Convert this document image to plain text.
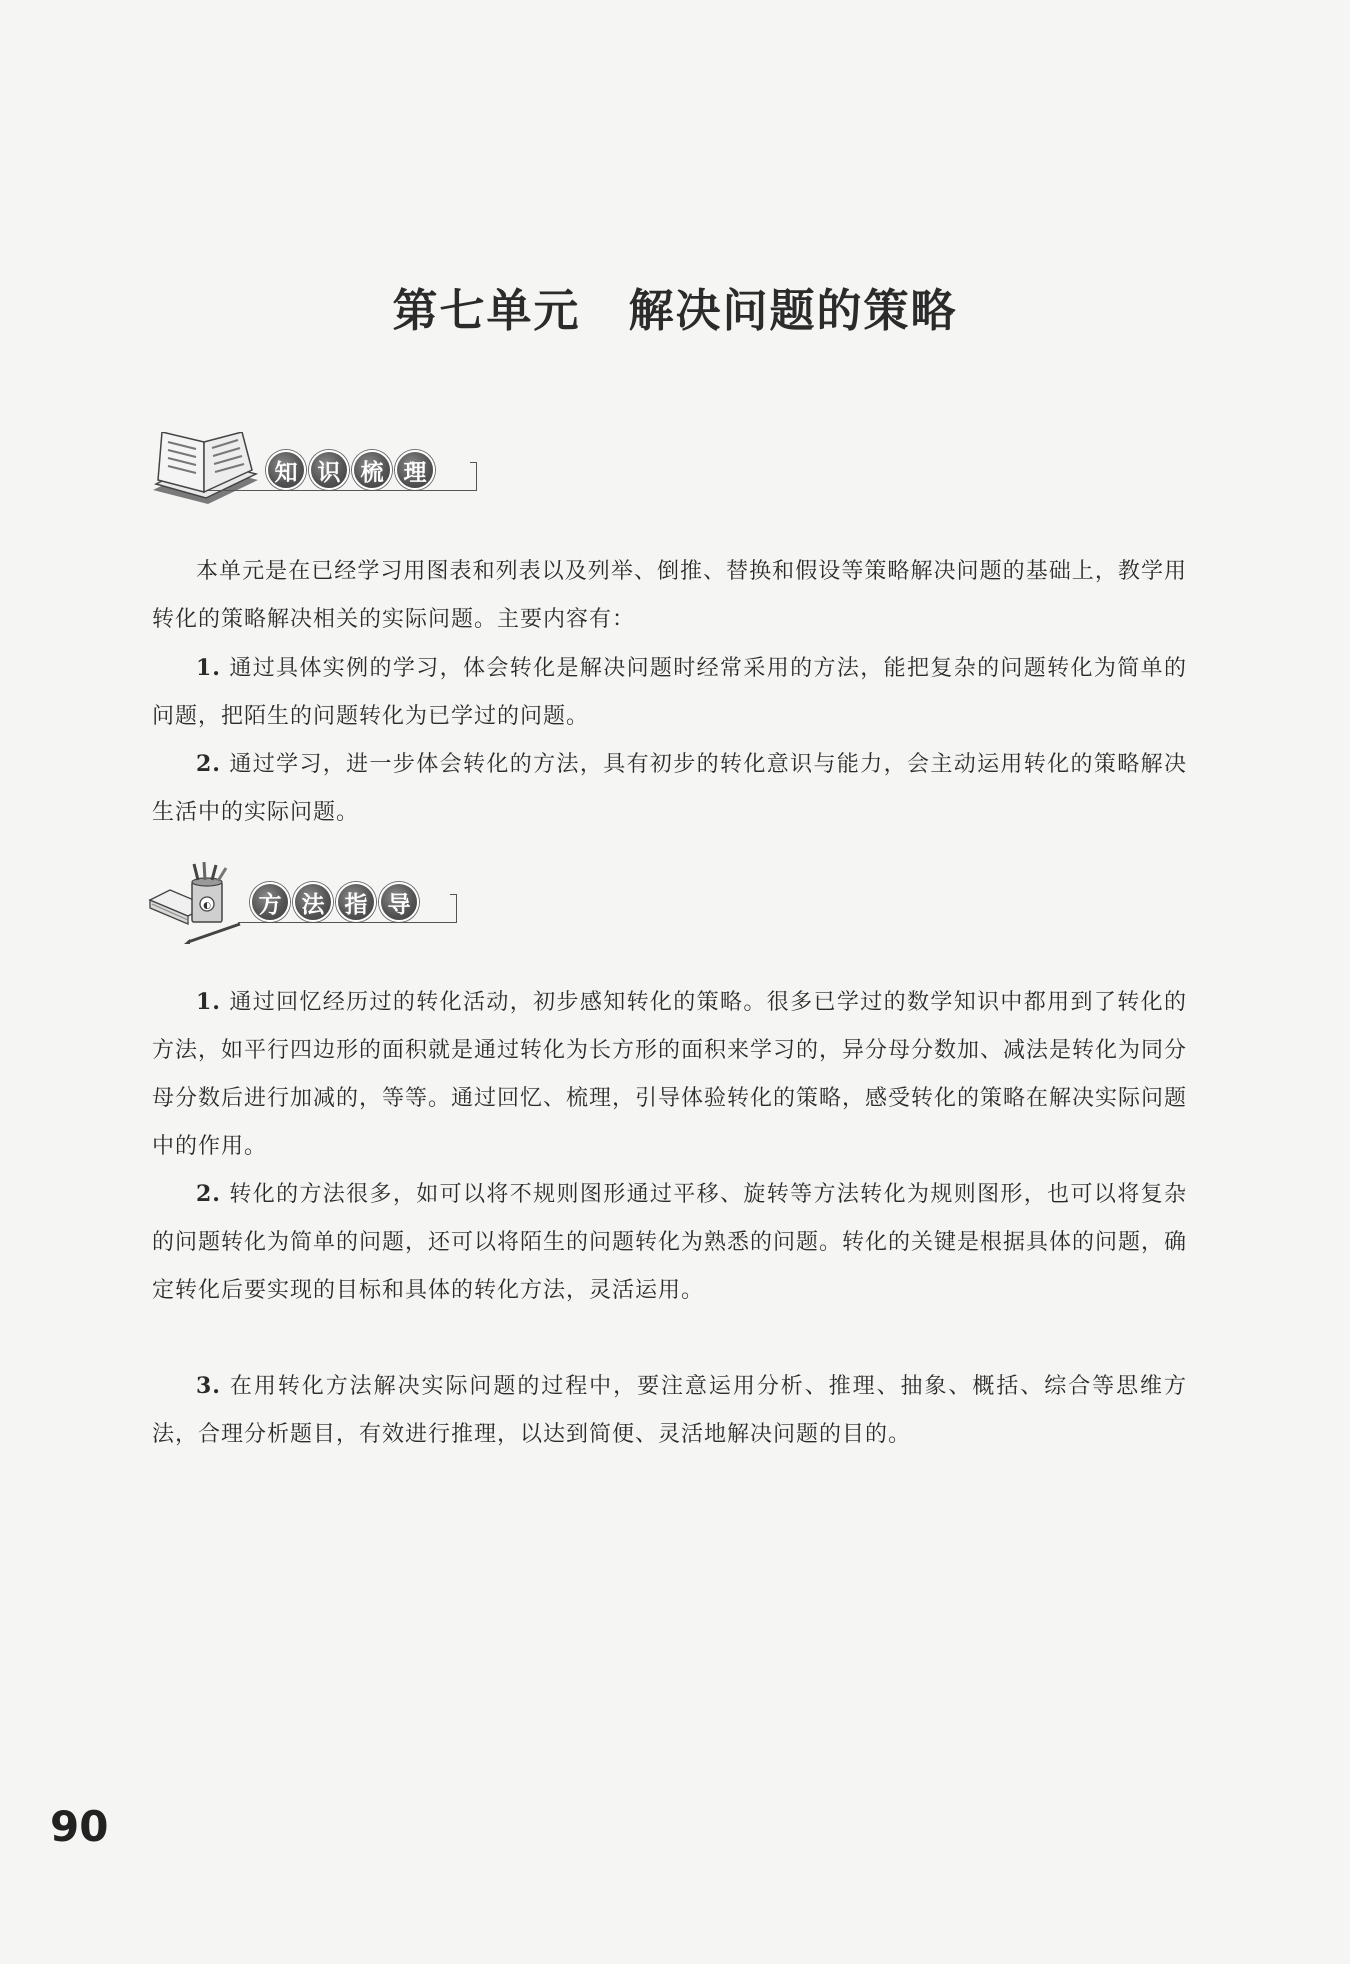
第七单元 解决问题的策略
知 识 梳 理

本单元是在已经学习用图表和列表以及列举、倒推、替换和假设等策略解决问题的基础上，教学用转化的策略解决相关的实际问题。主要内容有：

1. 通过具体实例的学习，体会转化是解决问题时经常采用的方法，能把复杂的问题转化为简单的问题，把陌生的问题转化为已学过的问题。

2. 通过学习，进一步体会转化的方法，具有初步的转化意识与能力，会主动运用转化的策略解决生活中的实际问题。

◐	方 法 指 导

1. 通过回忆经历过的转化活动，初步感知转化的策略。很多已学过的数学知识中都用到了转化的方法，如平行四边形的面积就是通过转化为长方形的面积来学习的，异分母分数加、减法是转化为同分母分数后进行加减的，等等。通过回忆、梳理，引导体验转化的策略，感受转化的策略在解决实际问题中的作用。

2. 转化的方法很多，如可以将不规则图形通过平移、旋转等方法转化为规则图形，也可以将复杂的问题转化为简单的问题，还可以将陌生的问题转化为熟悉的问题。转化的关键是根据具体的问题，确定转化后要实现的目标和具体的转化方法，灵活运用。

3. 在用转化方法解决实际问题的过程中，要注意运用分析、推理、抽象、概括、综合等思维方法，合理分析题目，有效进行推理，以达到简便、灵活地解决问题的目的。

90
